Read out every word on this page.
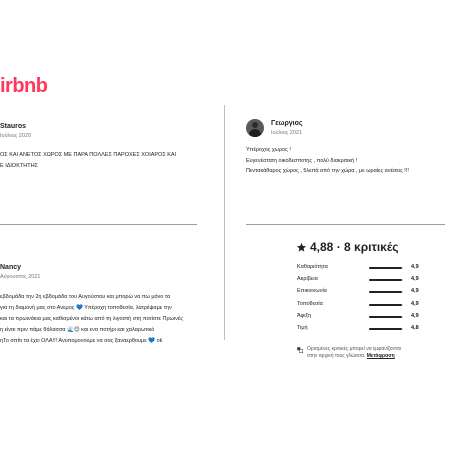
irbnb
Stauros
Ιούλιος 2020
ΟΣ ΚΑΙ ΑΝΕΤΟΣ ΧΩΡΟΣ ΜΕ ΠΑΡΑ ΠΟΛΛΕΣ ΠΑΡΟΧΕΣ ΧΟΙΑΡΟΣ ΚΑΙ
Ε ΙΔΙΟΚΤΗΤΗΣ
Γεωργιος
Ιούλιος 2021
Υπέροχος χωρος !
Ευγενέστατη οικοδεσποτης , πολύ διακριτική !
Πεντακάθαρος χώρος , 5λεπά από την χώρα , με ωραίες ανέσεις !!!
Nancy
Αύγουστος 2021
εβδομάδα την 2η εβδομάδα του Αυγούστου και μπορώ να πω μόνο τα
για τη διαμονή μας στο Ανεμος 💙 Υπέροχη τοποθεσία, λατρέψαμε την
και τα πρωινάκια μας καθισμένοι κάτω από τη λιγοστή στη ποτίστε Πρωινές
η είναι πριν πάμε θάλασσα 🌊😊 και ενα ποτήρι και χαλαρωτικό
ηΤο σπίτι τα έχει ΟΛΑ!!! Ανυπομονούμε να σας ξαναερθουμε 💙 ok
4,88 · 8 κριτικές
Καθαριότητα	4,9
Ακρίβεια	4,9
Επικοινωνία	4,9
Τοποθεσία	4,9
Άφιξη	4,9
Τιμή	4,8
Ορισμένες κριτικές μπορεί να εμφανίζονται
στην αρχική τους γλώσσα. Μετάφραση
